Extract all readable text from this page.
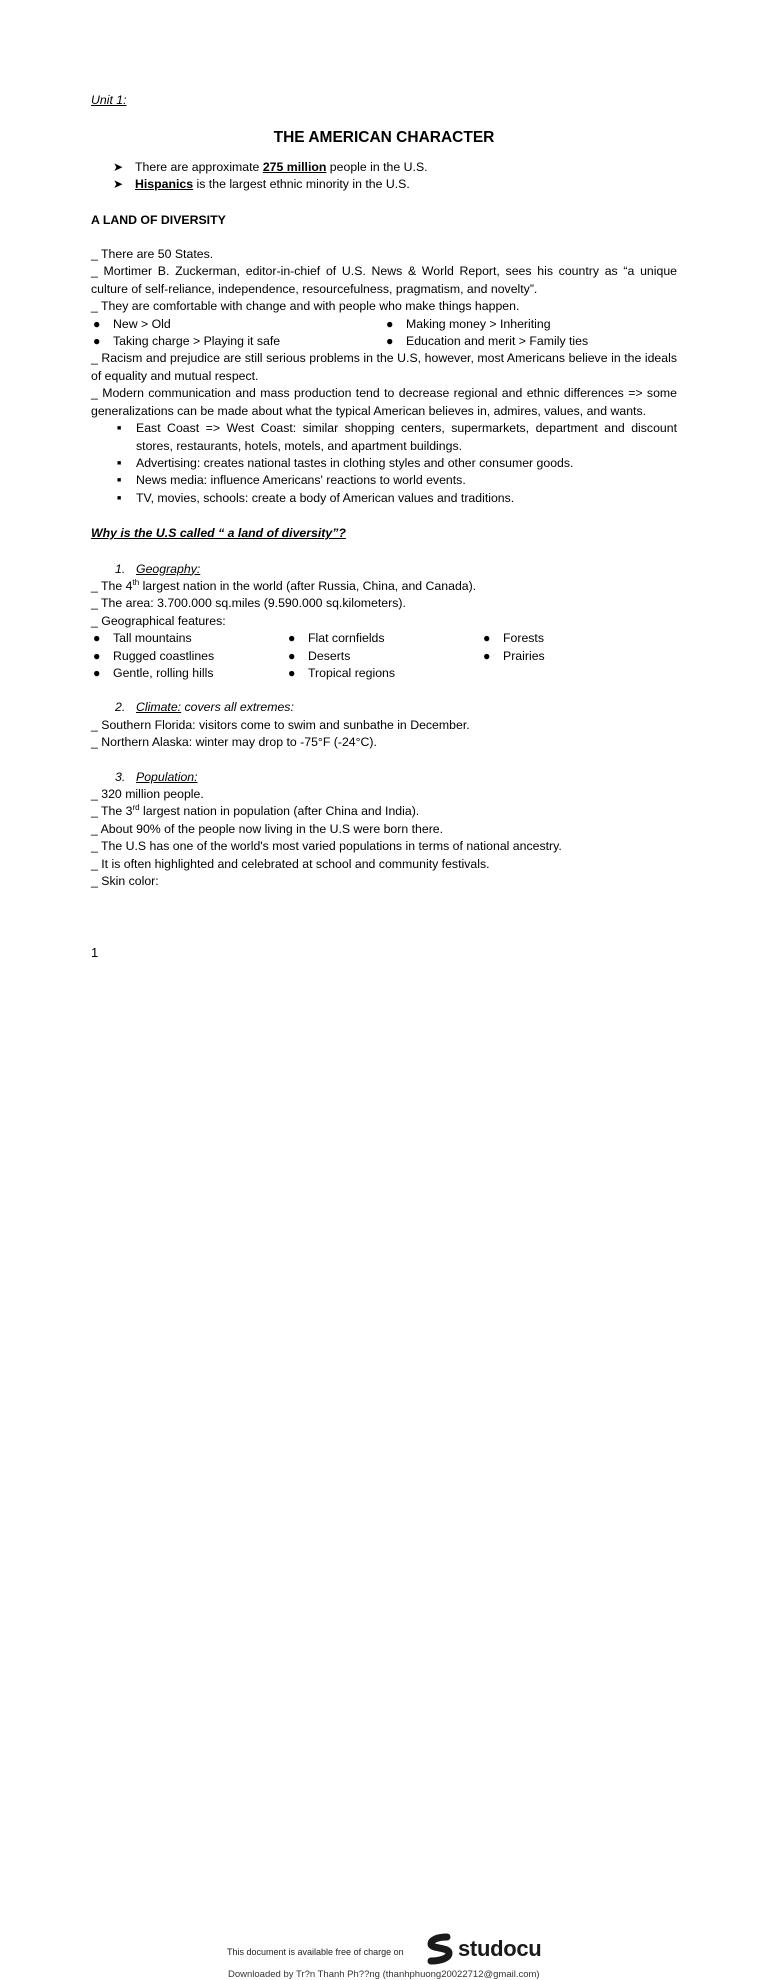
Unit 1:
THE AMERICAN CHARACTER
➤ There are approximate 275 million people in the U.S.
➤ Hispanics is the largest ethnic minority in the U.S.
A LAND OF DIVERSITY
_ There are 50 States.
_ Mortimer B. Zuckerman, editor-in-chief of U.S. News & World Report, sees his country as “a unique culture of self-reliance, independence, resourcefulness, pragmatism, and novelty”.
_ They are comfortable with change and with people who make things happen.
● New > Old	● Making money > Inheriting
● Taking charge > Playing it safe	● Education and merit > Family ties
_ Racism and prejudice are still serious problems in the U.S, however, most Americans believe in the ideals of equality and mutual respect.
_ Modern communication and mass production tend to decrease regional and ethnic differences => some generalizations can be made about what the typical American believes in, admires, values, and wants.
■ East Coast => West Coast: similar shopping centers, supermarkets, department and discount stores, restaurants, hotels, motels, and apartment buildings.
■ Advertising: creates national tastes in clothing styles and other consumer goods.
■ News media: influence Americans' reactions to world events.
■ TV, movies, schools: create a body of American values and traditions.
Why is the U.S called “ a land of diversity”?
1. Geography:
_ The 4th largest nation in the world (after Russia, China, and Canada).
_ The area: 3.700.000 sq.miles (9.590.000 sq.kilometers).
_ Geographical features:
● Tall mountains	● Flat cornfields	● Forests
● Rugged coastlines	● Deserts	● Prairies
● Gentle, rolling hills	● Tropical regions
2. Climate: covers all extremes:
_ Southern Florida: visitors come to swim and sunbathe in December.
_ Northern Alaska: winter may drop to -75°F (-24°C).
3. Population:
_ 320 million people.
_ The 3rd largest nation in population (after China and India).
_ About 90% of the people now living in the U.S were born there.
_ The U.S has one of the world's most varied populations in terms of national ancestry.
_ It is often highlighted and celebrated at school and community festivals.
_ Skin color:
1
This document is available free of charge on studocu
Downloaded by Tr?n Thanh Ph??ng (thanhphuong20022712@gmail.com)
